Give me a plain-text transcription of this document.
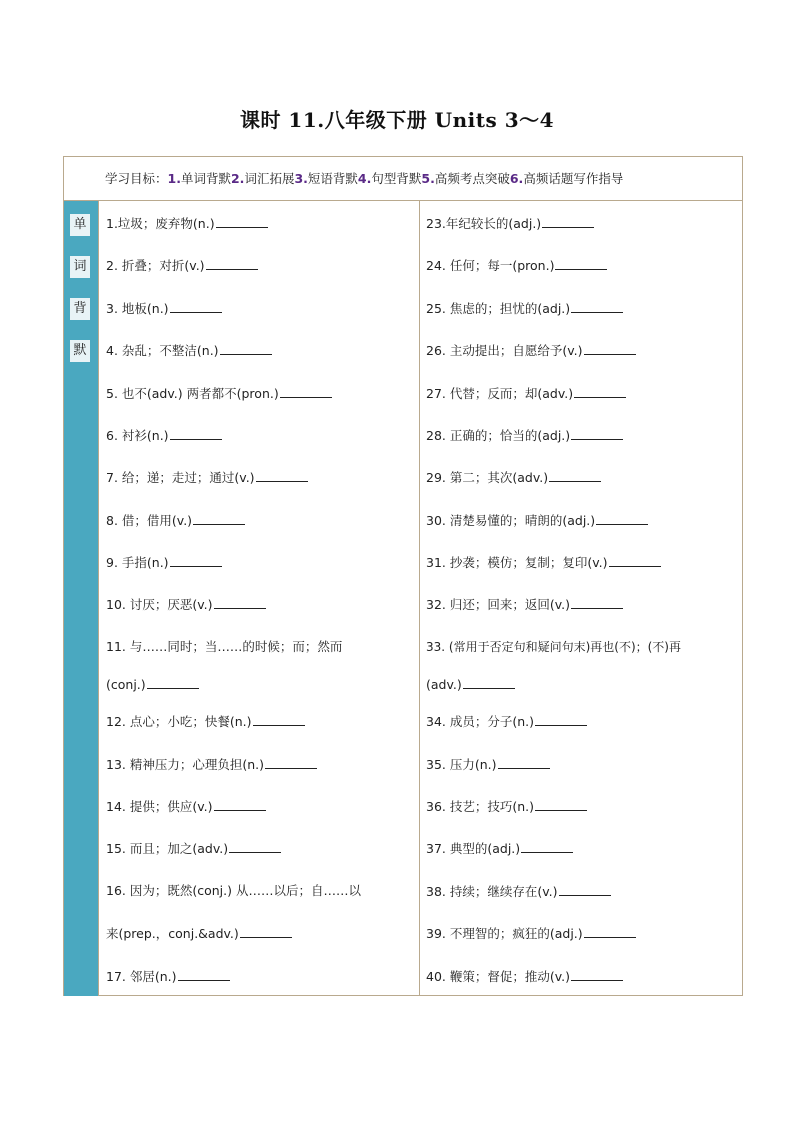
课时 11.八年级下册 Units 3～4
学习目标：1.单词背默2.词汇拓展3.短语背默4.句型背默5.高频考点突破6.高频话题写作指导
单
词
背
默
1.垃圾；废弃物(n.)
2. 折叠；对折(v.)
3. 地板(n.)
4. 杂乱；不整洁(n.)
5. 也不(adv.) 两者都不(pron.)
6. 衬衫(n.)
7. 给；递；走过；通过(v.)
8. 借；借用(v.)
9. 手指(n.)
10. 讨厌；厌恶(v.)
11. 与……同时；当……的时候；而；然而
(conj.)
12. 点心；小吃；快餐(n.)
13. 精神压力；心理负担(n.)
14. 提供；供应(v.)
15. 而且；加之(adv.)
16. 因为；既然(conj.) 从……以后；自……以
来(prep.，conj.&adv.)
17. 邻居(n.)
23.年纪较长的(adj.)
24. 任何；每一(pron.)
25. 焦虑的；担忧的(adj.)
26. 主动提出；自愿给予(v.)
27. 代替；反而；却(adv.)
28. 正确的；恰当的(adj.)
29. 第二；其次(adv.)
30. 清楚易懂的；晴朗的(adj.)
31. 抄袭；模仿；复制；复印(v.)
32. 归还；回来；返回(v.)
33. (常用于否定句和疑问句末)再也(不)；(不)再
(adv.)
34. 成员；分子(n.)
35. 压力(n.)
36. 技艺；技巧(n.)
37. 典型的(adj.)
38. 持续；继续存在(v.)
39. 不理智的；疯狂的(adj.)
40. 鞭策；督促；推动(v.)
